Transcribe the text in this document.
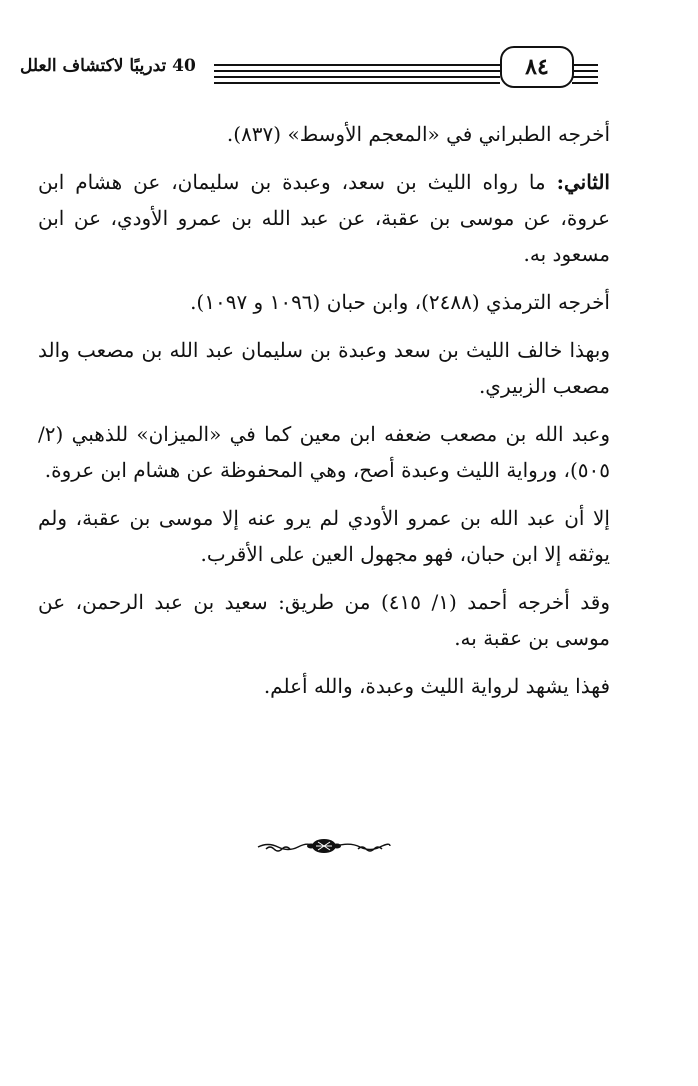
40 تدريبًا لاكتشاف العلل	٨٤

أخرجه الطبراني في «المعجم الأوسط» (٨٣٧).

الثاني: ما رواه الليث بن سعد، وعبدة بن سليمان، عن هشام ابن عروة، عن موسى بن عقبة، عن عبد الله بن عمرو الأودي، عن ابن مسعود به.

أخرجه الترمذي (٢٤٨٨)، وابن حبان (١٠٩٦ و ١٠٩٧).

وبهذا خالف الليث بن سعد وعبدة بن سليمان عبد الله بن مصعب والد مصعب الزبيري.

وعبد الله بن مصعب ضعفه ابن معين كما في «الميزان» للذهبي (٢/ ٥٠٥)، ورواية الليث وعبدة أصح، وهي المحفوظة عن هشام ابن عروة.

إلا أن عبد الله بن عمرو الأودي لم يرو عنه إلا موسى بن عقبة، ولم يوثقه إلا ابن حبان، فهو مجهول العين على الأقرب.

وقد أخرجه أحمد (١/ ٤١٥) من طريق: سعيد بن عبد الرحمن، عن موسى بن عقبة به.

فهذا يشهد لرواية الليث وعبدة، والله أعلم.
